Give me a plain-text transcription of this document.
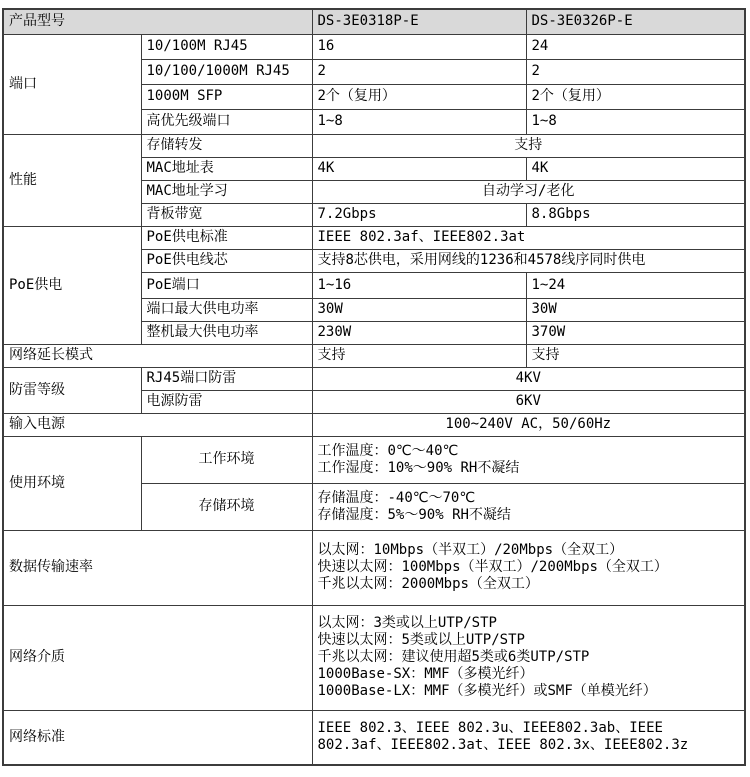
产品型号		DS-3E0318P-E	DS-3E0326P-E
端口	10/100M RJ45	16	24
	10/100/1000M RJ45	2	2
	1000M SFP	2个（复用）	2个（复用）
	高优先级端口	1~8	1~8
性能	存储转发	支持	
	MAC地址表	4K	4K
	MAC地址学习	自动学习/老化	
	背板带宽	7.2Gbps	8.8Gbps
PoE供电	PoE供电标准	IEEE 802.3af、IEEE802.3at	
	PoE供电线芯	支持8芯供电，采用网线的1236和4578线序同时供电	
	PoE端口	1~16	1~24
	端口最大供电功率	30W	30W
	整机最大供电功率	230W	370W
网络延长模式		支持	支持
防雷等级	RJ45端口防雷	4KV	
	电源防雷	6KV	
输入电源		100~240V AC，50/60Hz	
使用环境	工作环境	工作温度：0℃～40℃
工作湿度：10%～90% RH不凝结	

	存储环境	存储温度：-40℃～70℃
存储湿度：5%～90% RH不凝结	

数据传输速率		以太网：10Mbps（半双工）/20Mbps（全双工）
快速以太网：100Mbps（半双工）/200Mbps（全双工）
千兆以太网：2000Mbps（全双工）	

网络介质		以太网：3类或以上UTP/STP
快速以太网：5类或以上UTP/STP
千兆以太网：建议使用超5类或6类UTP/STP
1000Base-SX：MMF（多模光纤）
1000Base-LX：MMF（多模光纤）或SMF（单模光纤）	

网络标准		IEEE 802.3、IEEE 802.3u、IEEE802.3ab、IEEE 802.3af、IEEE802.3at、IEEE 802.3x、IEEE802.3z	
